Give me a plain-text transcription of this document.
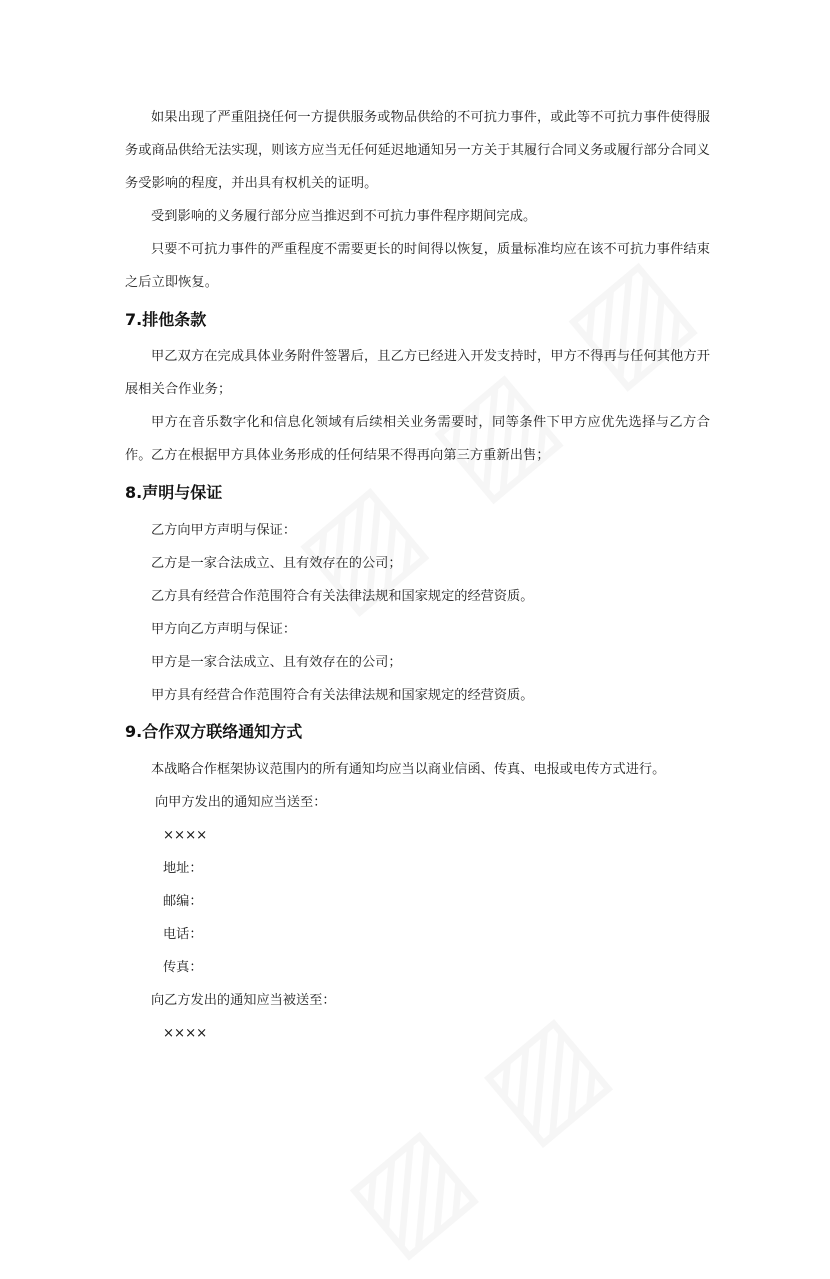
如果出现了严重阻挠任何一方提供服务或物品供给的不可抗力事件，或此等不可抗力事件使得服务或商品供给无法实现，则该方应当无任何延迟地通知另一方关于其履行合同义务或履行部分合同义务受影响的程度，并出具有权机关的证明。

受到影响的义务履行部分应当推迟到不可抗力事件程序期间完成。

只要不可抗力事件的严重程度不需要更长的时间得以恢复，质量标准均应在该不可抗力事件结束之后立即恢复。

7.排他条款

甲乙双方在完成具体业务附件签署后，且乙方已经进入开发支持时，甲方不得再与任何其他方开展相关合作业务；

甲方在音乐数字化和信息化领域有后续相关业务需要时，同等条件下甲方应优先选择与乙方合作。 乙方在根据甲方具体业务形成的任何结果不得再向第三方重新出售；

8.声明与保证

乙方向甲方声明与保证：

乙方是一家合法成立、且有效存在的公司；

乙方具有经营合作范围符合有关法律法规和国家规定的经营资质。

甲方向乙方声明与保证：

甲方是一家合法成立、且有效存在的公司；

甲方具有经营合作范围符合有关法律法规和国家规定的经营资质。

9.合作双方联络通知方式

本战略合作框架协议范围内的所有通知均应当以商业信函、传真、电报或电传方式进行。

向甲方发出的通知应当送至：

××××

地址：

邮编：

电话：

传真：

向乙方发出的通知应当被送至：

××××
